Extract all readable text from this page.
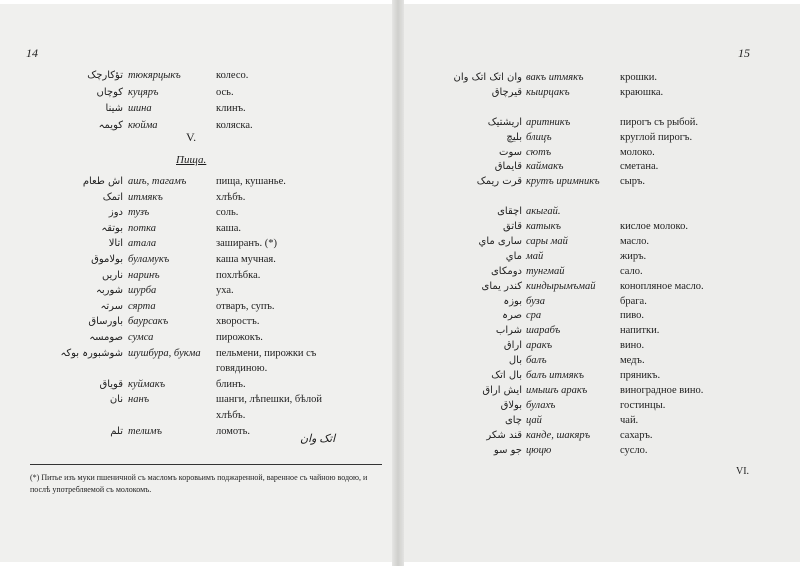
14
تؤکارچک тюкярцыкъ	колесо.
کوچاں куцяръ	ось.
شینا шина	клинъ.
کویمہ кюйма	коляска.
V.
Пища.
اش طعام ашъ, тагамъ	пища, кушанье.
اتمک итмякъ	хлѣбъ.
دوز тузъ	соль.
بوتقہ потка	каша.
اتالا атала	заширанъ. (*)
بولاموق буламукъ	каша мучная.
ناریں наринъ	похлѣбка.
شوربہ шурба	уха.
سرتہ сярта	отваръ, супъ.
باورساق баурсакъ	хворостъ.
صومسہ сумса	пирожокъ.
شوشبورہ بوکہ шушбура, букма пельмени, пирожки съ
говядиною.
قویاق куймакъ	блинъ.
نان нанъ	шанги, лѣпешки, бѣлой
хлѣбъ.
تلم телимъ	ломоть.
اتک وان
(*) Питье изъ муки пшеничной съ масломъ коровьимъ поджаренной, варенное съ чайною водою, и послѣ употребляемой съ молокомъ.
15
وان اتک اتک وان вакъ итмякъ	крошки.
قیرچاق кыирцакъ	краюшка.
اریشتیک аритникъ	пирогъ съ рыбой.
بلیچ блицъ	круглой пирогъ.
سوت сютъ	молоко.
قایماق каймакъ	сметана.
قرت ریمک крутъ иримникъ сыръ.
اچقای акыгай.
قاتق катыкъ	кислое молоко.
ساری ماي сары май	масло.
ماي май	жиръ.
دومکای тунгмай	сало.
کندر یمای киндырымъмай конопляное масло.
بوزہ буза	брага.
صرہ сра	пиво.
شراب шарабъ	напитки.
اراق аракъ	вино.
بال балъ	медъ.
بال اتک балъ итмякъ	пряникъ.
ایش اراق имышъ аракъ	виноградное вино.
بولاق булахъ	гостинцы.
چای цай	чай.
قند شکر канде, шакяръ	сахаръ.
جو سو цюцю	сусло.
VI.
